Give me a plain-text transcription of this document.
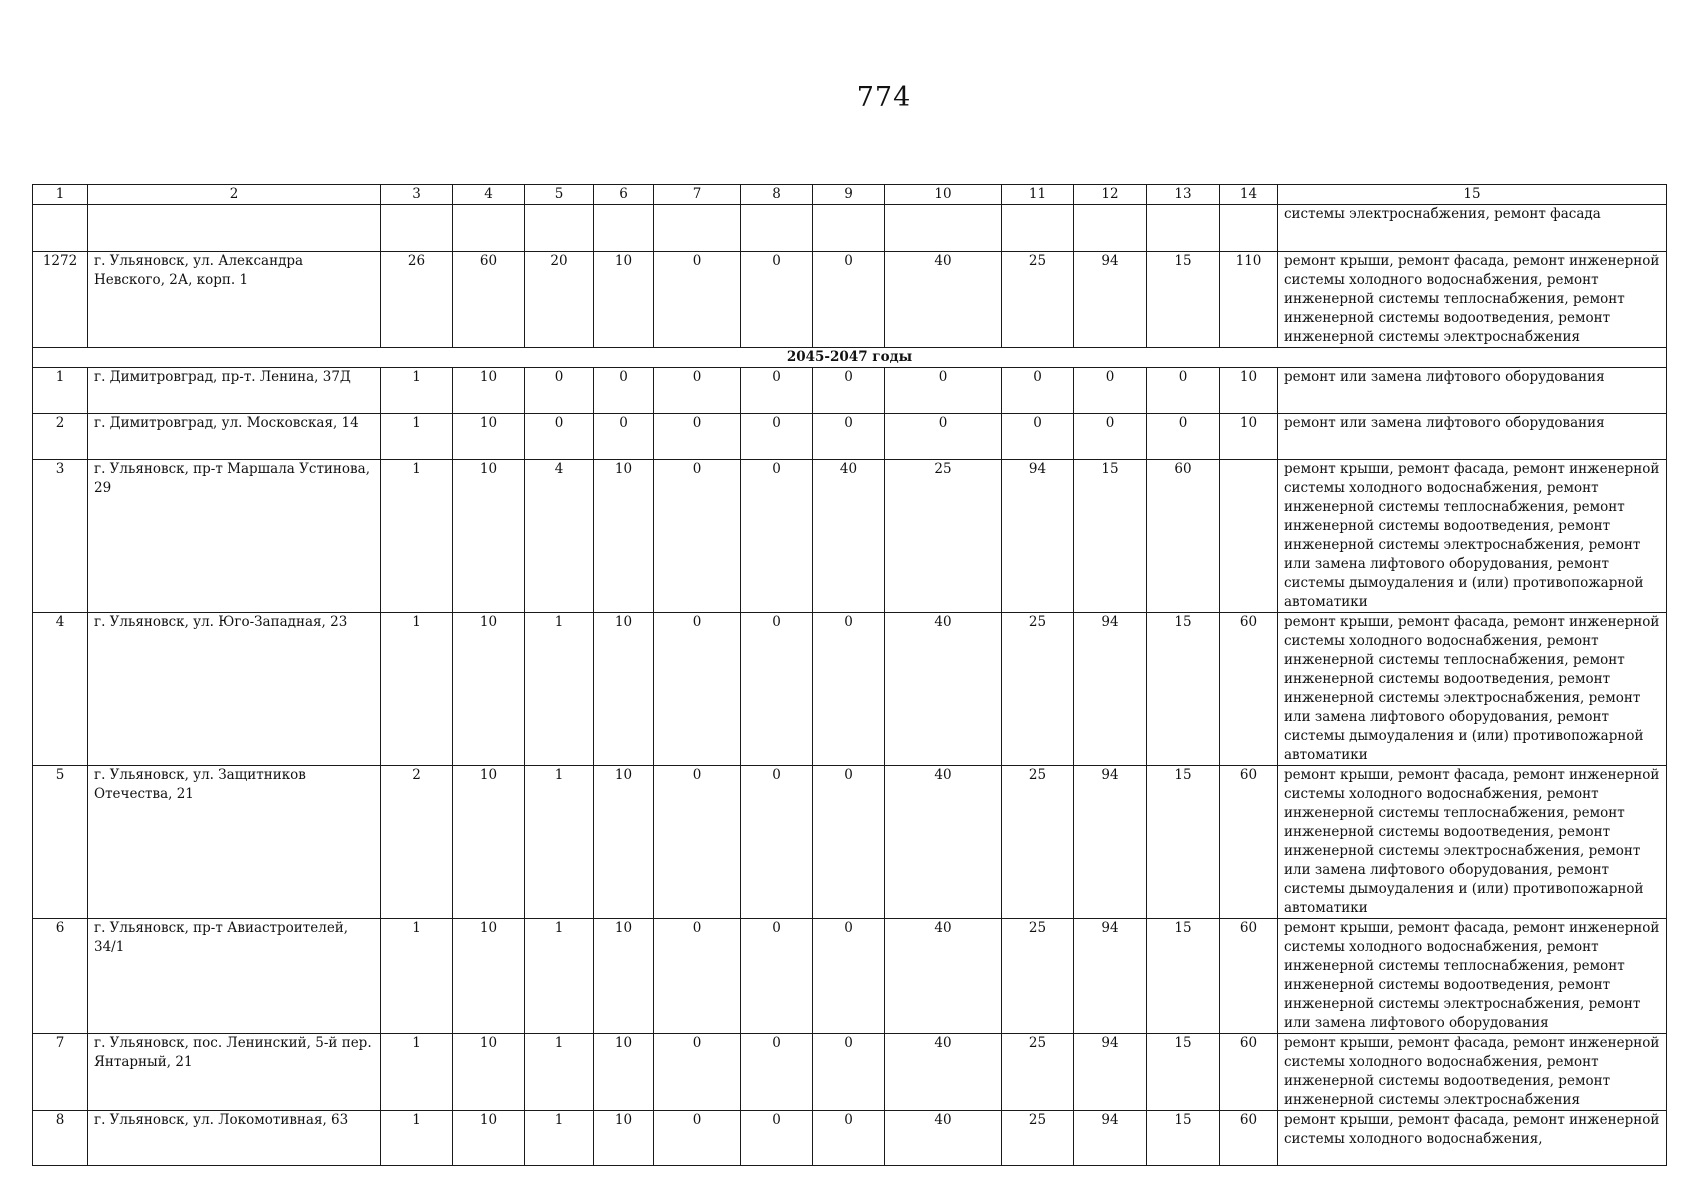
774
1	2	3	4	5	6	7	8	9	10	11	12	13	14	15
														системы электроснабжения, ремонт фасада
1272	г. Ульяновск, ул. Александра Невского, 2А, корп. 1	26	60	20	10	0	0	0	40	25	94	15	110	ремонт крыши, ремонт фасада, ремонт инженерной системы холодного водоснабжения, ремонт инженерной системы теплоснабжения, ремонт инженерной системы водоотведения, ремонт инженерной системы электроснабжения
2045-2047 годы														
1	г. Димитровград, пр-т. Ленина, 37Д	1	10	0	0	0	0	0	0	0	0	0	10	ремонт или замена лифтового оборудования
2	г. Димитровград, ул. Московская, 14	1	10	0	0	0	0	0	0	0	0	0	10	ремонт или замена лифтового оборудования
3	г. Ульяновск, пр-т Маршала Устинова, 29	1	10	4	10	0	0	40	25	94	15	60		ремонт крыши, ремонт фасада, ремонт инженерной системы холодного водоснабжения, ремонт инженерной системы теплоснабжения, ремонт инженерной системы водоотведения, ремонт инженерной системы электроснабжения, ремонт или замена лифтового оборудования, ремонт системы дымоудаления и (или) противопожарной автоматики
4	г. Ульяновск, ул. Юго-Западная, 23	1	10	1	10	0	0	0	40	25	94	15	60	ремонт крыши, ремонт фасада, ремонт инженерной системы холодного водоснабжения, ремонт инженерной системы теплоснабжения, ремонт инженерной системы водоотведения, ремонт инженерной системы электроснабжения, ремонт или замена лифтового оборудования, ремонт системы дымоудаления и (или) противопожарной автоматики
5	г. Ульяновск, ул. Защитников Отечества, 21	2	10	1	10	0	0	0	40	25	94	15	60	ремонт крыши, ремонт фасада, ремонт инженерной системы холодного водоснабжения, ремонт инженерной системы теплоснабжения, ремонт инженерной системы водоотведения, ремонт инженерной системы электроснабжения, ремонт или замена лифтового оборудования, ремонт системы дымоудаления и (или) противопожарной автоматики
6	г. Ульяновск, пр-т Авиастроителей, 34/1	1	10	1	10	0	0	0	40	25	94	15	60	ремонт крыши, ремонт фасада, ремонт инженерной системы холодного водоснабжения, ремонт инженерной системы теплоснабжения, ремонт инженерной системы водоотведения, ремонт инженерной системы электроснабжения, ремонт или замена лифтового оборудования
7	г. Ульяновск, пос. Ленинский, 5-й пер. Янтарный, 21	1	10	1	10	0	0	0	40	25	94	15	60	ремонт крыши, ремонт фасада, ремонт инженерной системы холодного водоснабжения, ремонт инженерной системы водоотведения, ремонт инженерной системы электроснабжения
8	г. Ульяновск, ул. Локомотивная, 63	1	10	1	10	0	0	0	40	25	94	15	60	ремонт крыши, ремонт фасада, ремонт инженерной системы холодного водоснабжения,
